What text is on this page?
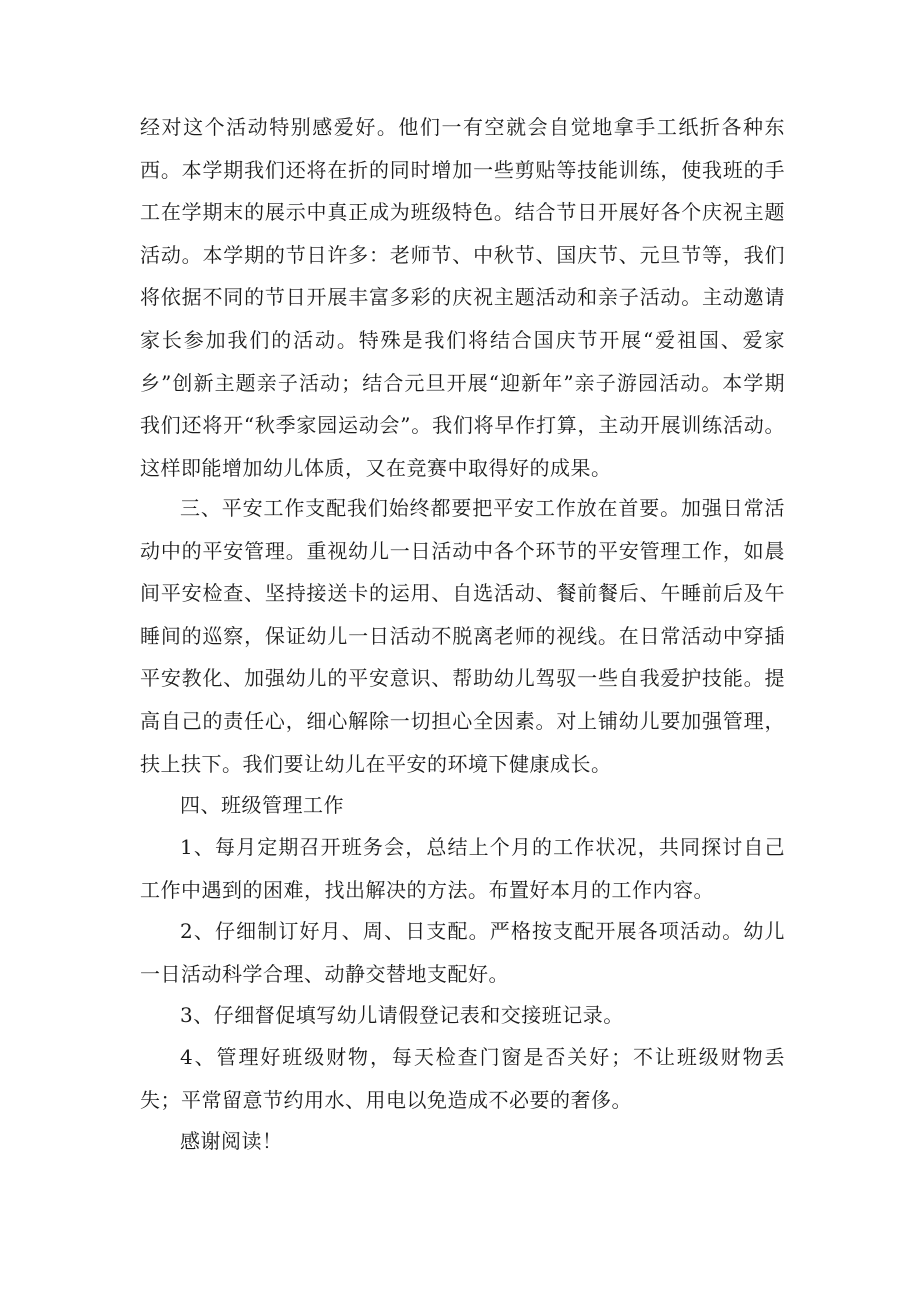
经对这个活动特别感爱好。他们一有空就会自觉地拿手工纸折各种东西。本学期我们还将在折的同时增加一些剪贴等技能训练，使我班的手工在学期末的展示中真正成为班级特色。结合节日开展好各个庆祝主题活动。本学期的节日许多：老师节、中秋节、国庆节、元旦节等，我们将依据不同的节日开展丰富多彩的庆祝主题活动和亲子活动。主动邀请家长参加我们的活动。特殊是我们将结合国庆节开展“爱祖国、爱家乡”创新主题亲子活动；结合元旦开展“迎新年”亲子游园活动。本学期我们还将开“秋季家园运动会”。我们将早作打算，主动开展训练活动。这样即能增加幼儿体质，又在竞赛中取得好的成果。

三、平安工作支配我们始终都要把平安工作放在首要。加强日常活动中的平安管理。重视幼儿一日活动中各个环节的平安管理工作，如晨间平安检查、坚持接送卡的运用、自选活动、餐前餐后、午睡前后及午睡间的巡察，保证幼儿一日活动不脱离老师的视线。在日常活动中穿插平安教化、加强幼儿的平安意识、帮助幼儿驾驭一些自我爱护技能。提高自己的责任心，细心解除一切担心全因素。对上铺幼儿要加强管理，扶上扶下。我们要让幼儿在平安的环境下健康成长。

四、班级管理工作

1、每月定期召开班务会，总结上个月的工作状况，共同探讨自己工作中遇到的困难，找出解决的方法。布置好本月的工作内容。

2、仔细制订好月、周、日支配。严格按支配开展各项活动。幼儿一日活动科学合理、动静交替地支配好。

3、仔细督促填写幼儿请假登记表和交接班记录。

4、管理好班级财物，每天检查门窗是否关好；不让班级财物丢失；平常留意节约用水、用电以免造成不必要的奢侈。

感谢阅读！
